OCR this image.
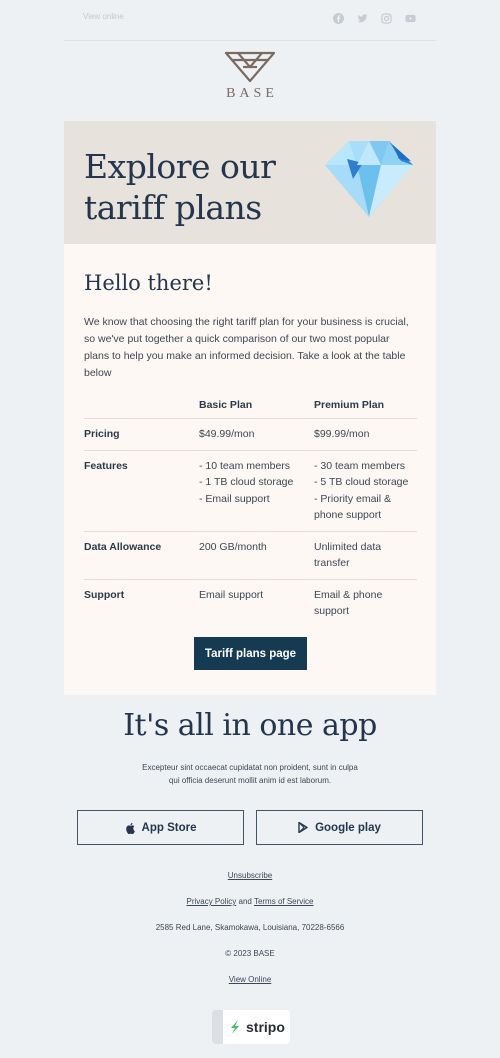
View online
BASE
Explore our
tariff plans
Hello there!

We know that choosing the right tariff plan for your business is crucial, so we've put together a quick comparison of our two most popular plans to help you make an informed decision. Take a look at the table below

	Basic Plan	Premium Plan
Pricing	$49.99/mon	$99.99/mon
Features	- 10 team members
- 1 TB cloud storage
- Email support	- 30 team members
- 5 TB cloud storage
- Priority email & phone support
Data Allowance	200 GB/month	Unlimited data transfer
Support	Email support	Email & phone support
Tariff plans page
It's all in one app

Excepteur sint occaecat cupidatat non proident, sunt in culpa qui officia deserunt mollit anim id est laborum.

App Store	Google play
Unsubscribe
Privacy Policy and Terms of Service
2585 Red Lane, Skamokawa, Louisiana, 70228-6566
© 2023 BASE
View Online
stripo
